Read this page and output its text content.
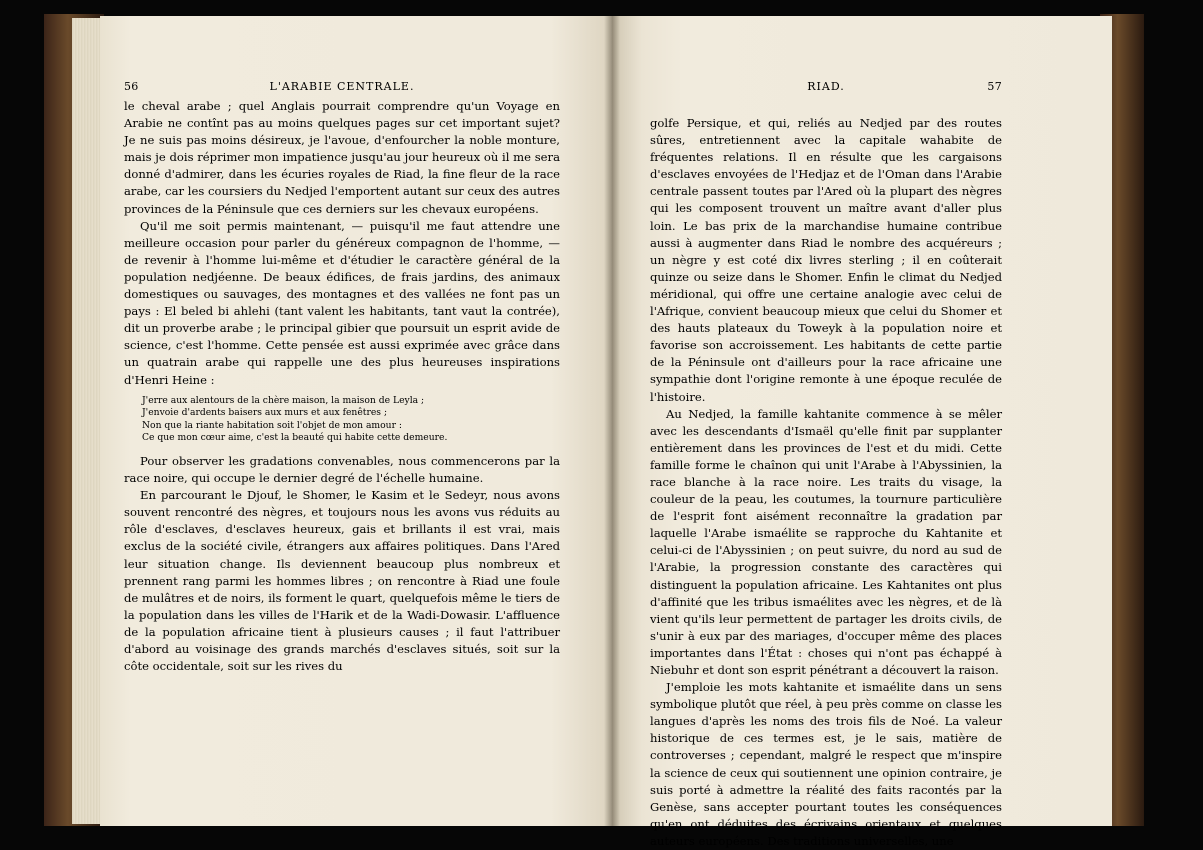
56	L'ARABIE CENTRALE.

le cheval arabe ; quel Anglais pourrait comprendre qu'un Voyage en Arabie ne contînt pas au moins quelques pages sur cet important sujet? Je ne suis pas moins désireux, je l'avoue, d'enfourcher la noble monture, mais je dois réprimer mon impatience jusqu'au jour heureux où il me sera donné d'admirer, dans les écuries royales de Riad, la fine fleur de la race arabe, car les coursiers du Nedjed l'emportent autant sur ceux des autres provinces de la Péninsule que ces derniers sur les chevaux européens.

Qu'il me soit permis maintenant, — puisqu'il me faut attendre une meilleure occasion pour parler du généreux compagnon de l'homme, — de revenir à l'homme lui-même et d'étudier le caractère général de la population nedjéenne. De beaux édifices, de frais jardins, des animaux domestiques ou sauvages, des montagnes et des vallées ne font pas un pays : El beled bi ahlehi (tant valent les habitants, tant vaut la contrée), dit un proverbe arabe ; le principal gibier que poursuit un esprit avide de science, c'est l'homme. Cette pensée est aussi exprimée avec grâce dans un quatrain arabe qui rappelle une des plus heureuses inspirations d'Henri Heine :

J'erre aux alentours de la chère maison, la maison de Leyla ;
J'envoie d'ardents baisers aux murs et aux fenêtres ;
Non que la riante habitation soit l'objet de mon amour :
Ce que mon cœur aime, c'est la beauté qui habite cette demeure.

Pour observer les gradations convenables, nous commencerons par la race noire, qui occupe le dernier degré de l'échelle humaine.

En parcourant le Djouf, le Shomer, le Kasim et le Sedeyr, nous avons souvent rencontré des nègres, et toujours nous les avons vus réduits au rôle d'esclaves, d'esclaves heureux, gais et brillants il est vrai, mais exclus de la société civile, étrangers aux affaires politiques. Dans l'Ared leur situation change. Ils deviennent beaucoup plus nombreux et prennent rang parmi les hommes libres ; on rencontre à Riad une foule de mulâtres et de noirs, ils forment le quart, quelquefois même le tiers de la population dans les villes de l'Harik et de la Wadi-Dowasir. L'affluence de la population africaine tient à plusieurs causes ; il faut l'attribuer d'abord au voisinage des grands marchés d'esclaves situés, soit sur la côte occidentale, soit sur les rives du

RIAD.	57

golfe Persique, et qui, reliés au Nedjed par des routes sûres, entretiennent avec la capitale wahabite de fréquentes relations. Il en résulte que les cargaisons d'esclaves envoyées de l'Hedjaz et de l'Oman dans l'Arabie centrale passent toutes par l'Ared où la plupart des nègres qui les composent trouvent un maître avant d'aller plus loin. Le bas prix de la marchandise humaine contribue aussi à augmenter dans Riad le nombre des acquéreurs ; un nègre y est coté dix livres sterling ; il en coûterait quinze ou seize dans le Shomer. Enfin le climat du Nedjed méridional, qui offre une certaine analogie avec celui de l'Afrique, convient beaucoup mieux que celui du Shomer et des hauts plateaux du Toweyk à la population noire et favorise son accroissement. Les habitants de cette partie de la Péninsule ont d'ailleurs pour la race africaine une sympathie dont l'origine remonte à une époque reculée de l'histoire.

Au Nedjed, la famille kahtanite commence à se mêler avec les descendants d'Ismaël qu'elle finit par supplanter entièrement dans les provinces de l'est et du midi. Cette famille forme le chaînon qui unit l'Arabe à l'Abyssinien, la race blanche à la race noire. Les traits du visage, la couleur de la peau, les coutumes, la tournure particulière de l'esprit font aisément reconnaître la gradation par laquelle l'Arabe ismaélite se rapproche du Kahtanite et celui-ci de l'Abyssinien ; on peut suivre, du nord au sud de l'Arabie, la progression constante des caractères qui distinguent la population africaine. Les Kahtanites ont plus d'affinité que les tribus ismaélites avec les nègres, et de là vient qu'ils leur permettent de partager les droits civils, de s'unir à eux par des mariages, d'occuper même des places importantes dans l'État : choses qui n'ont pas échappé à Niebuhr et dont son esprit pénétrant a découvert la raison.

J'emploie les mots kahtanite et ismaélite dans un sens symbolique plutôt que réel, à peu près comme on classe les langues d'après les noms des trois fils de Noé. La valeur historique de ces termes est, je le sais, matière de controverses ; cependant, malgré le respect que m'inspire la science de ceux qui soutiennent une opinion contraire, je suis porté à admettre la réalité des faits racontés par la Genèse, sans accepter pourtant toutes les conséquences qu'en ont déduites des écrivains orientaux et quelques auteurs européens. Des traditions universelles, une
